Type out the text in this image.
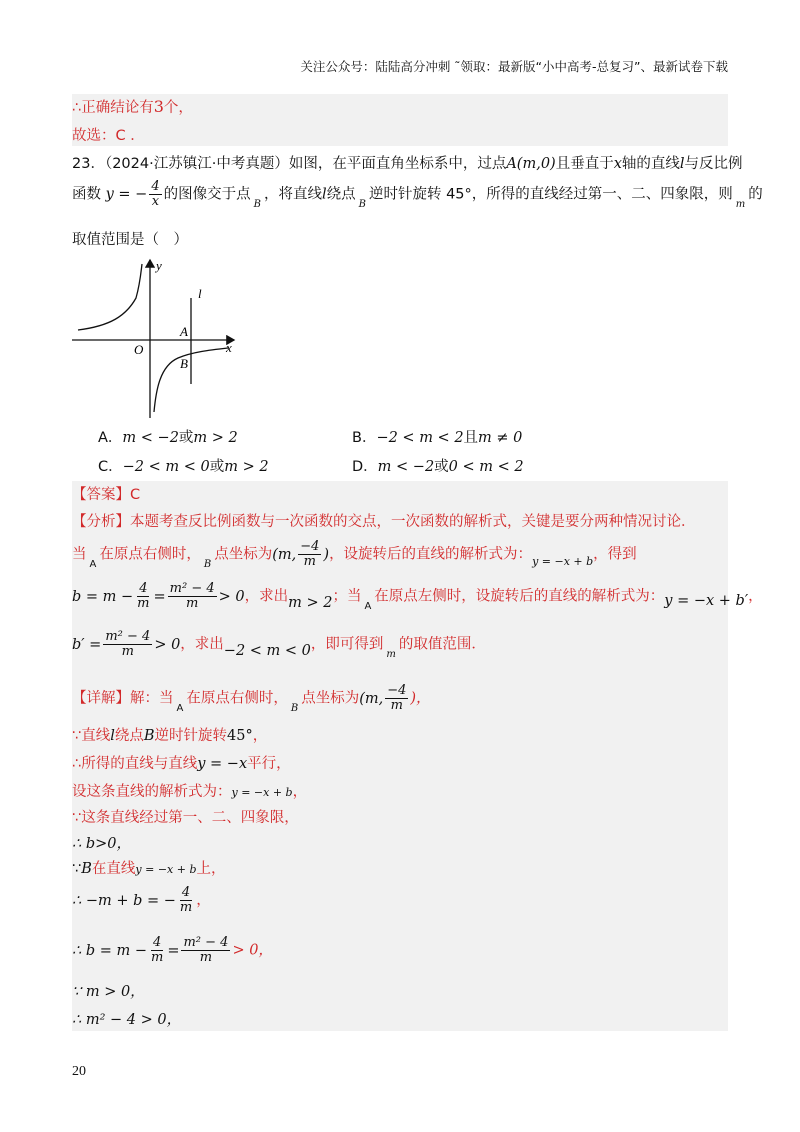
关注公众号：陆陆高分冲刺 ˜领取：最新版“小中高考-总复习”、最新试卷下载
∴正确结论有3个，
故选：C ．
23．（2024·江苏镇江·中考真题）如图，在平面直角坐标系中，过点A(m,0)且垂直于x轴的直线l与反比例
函数 y = − $\frac{4}{x}$ 的图像交于点$_B$，将直线l绕点$_B$逆时针旋转 45°，所得的直线经过第一、二、四象限，则$_m$的
取值范围是（　）
y
x
O
A
B
l
A．m < −2或m > 2	B．−2 < m < 2且m ≠ 0
C．−2 < m < 0或m > 2	D．m < −2或0 < m < 2
【答案】C
【分析】本题考查反比例函数与一次函数的交点，一次函数的解析式，关键是要分两种情况讨论．
当$_A$在原点右侧时，$_B$点坐标为(m, $\frac{-4}{m}$ )，设旋转后的直线的解析式为：$_{y = -x + b}$，得到
$b = m - \frac{4}{m} = \frac{\text{m² − 4}}{m} > 0$，求出m > 2；当$_A$在原点左侧时，设旋转后的直线的解析式为：y = −x + b′，
$b' = \frac{\text{m² − 4}}{m} > 0$，求出−2 < m < 0，即可得到$_m$的取值范围．
【详解】解：当$_A$在原点右侧时，$_B$点坐标为(m, $\frac{-4}{m}$ )，
∵直线l绕点B逆时针旋转45°，
∴所得的直线与直线y = −x平行，
设这条直线的解析式为：y = −x + b，
∵这条直线经过第一、二、四象限，
∴ b>0，
∵B在直线y = −x + b上，
∴ −m + b = − $\frac{4}{m}$ ，
∴ $b = m - \frac{4}{m} = \frac{\text{m² − 4}}{m} > 0$，
∵ m > 0，
∴ m² − 4 > 0，
20
